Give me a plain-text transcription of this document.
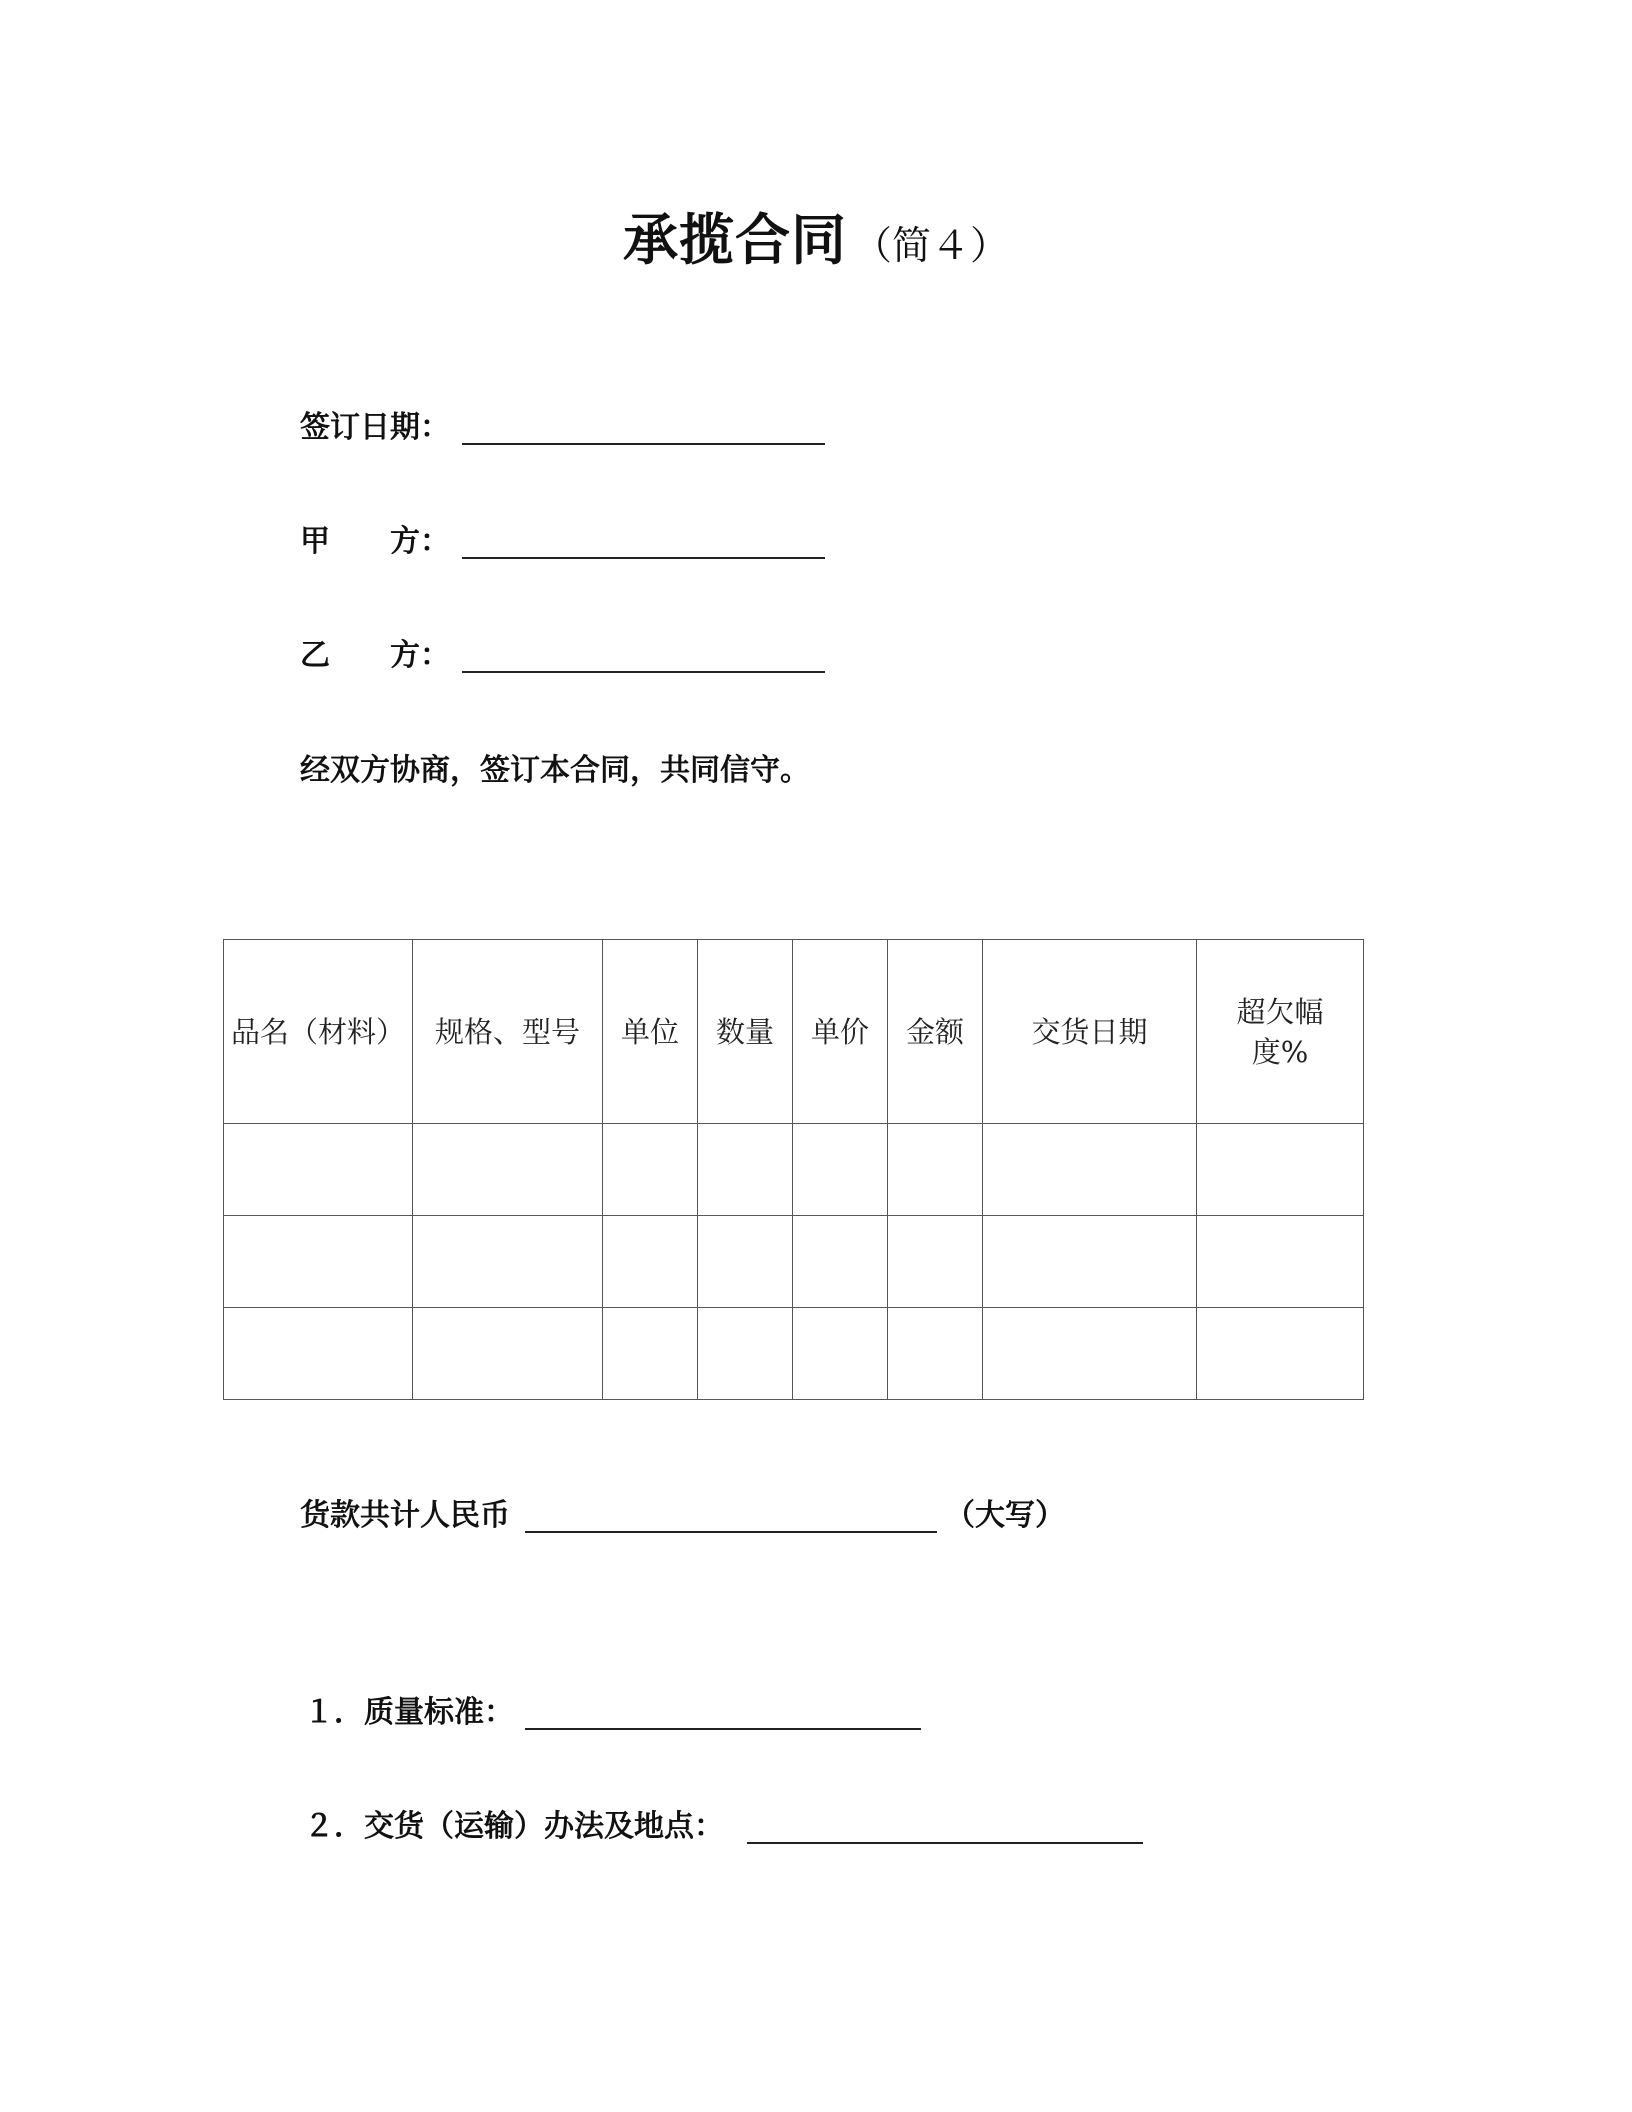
承揽合同 （简４）
签订日期：
甲　　方：
乙　　方：
经双方协商，签订本合同，共同信守。
品名（材料）	规格、型号	单位	数量	单价	金额	交货日期	超欠幅度%

货款共计人民币	（大写）
１．质量标准：
２．交货（运输）办法及地点：
